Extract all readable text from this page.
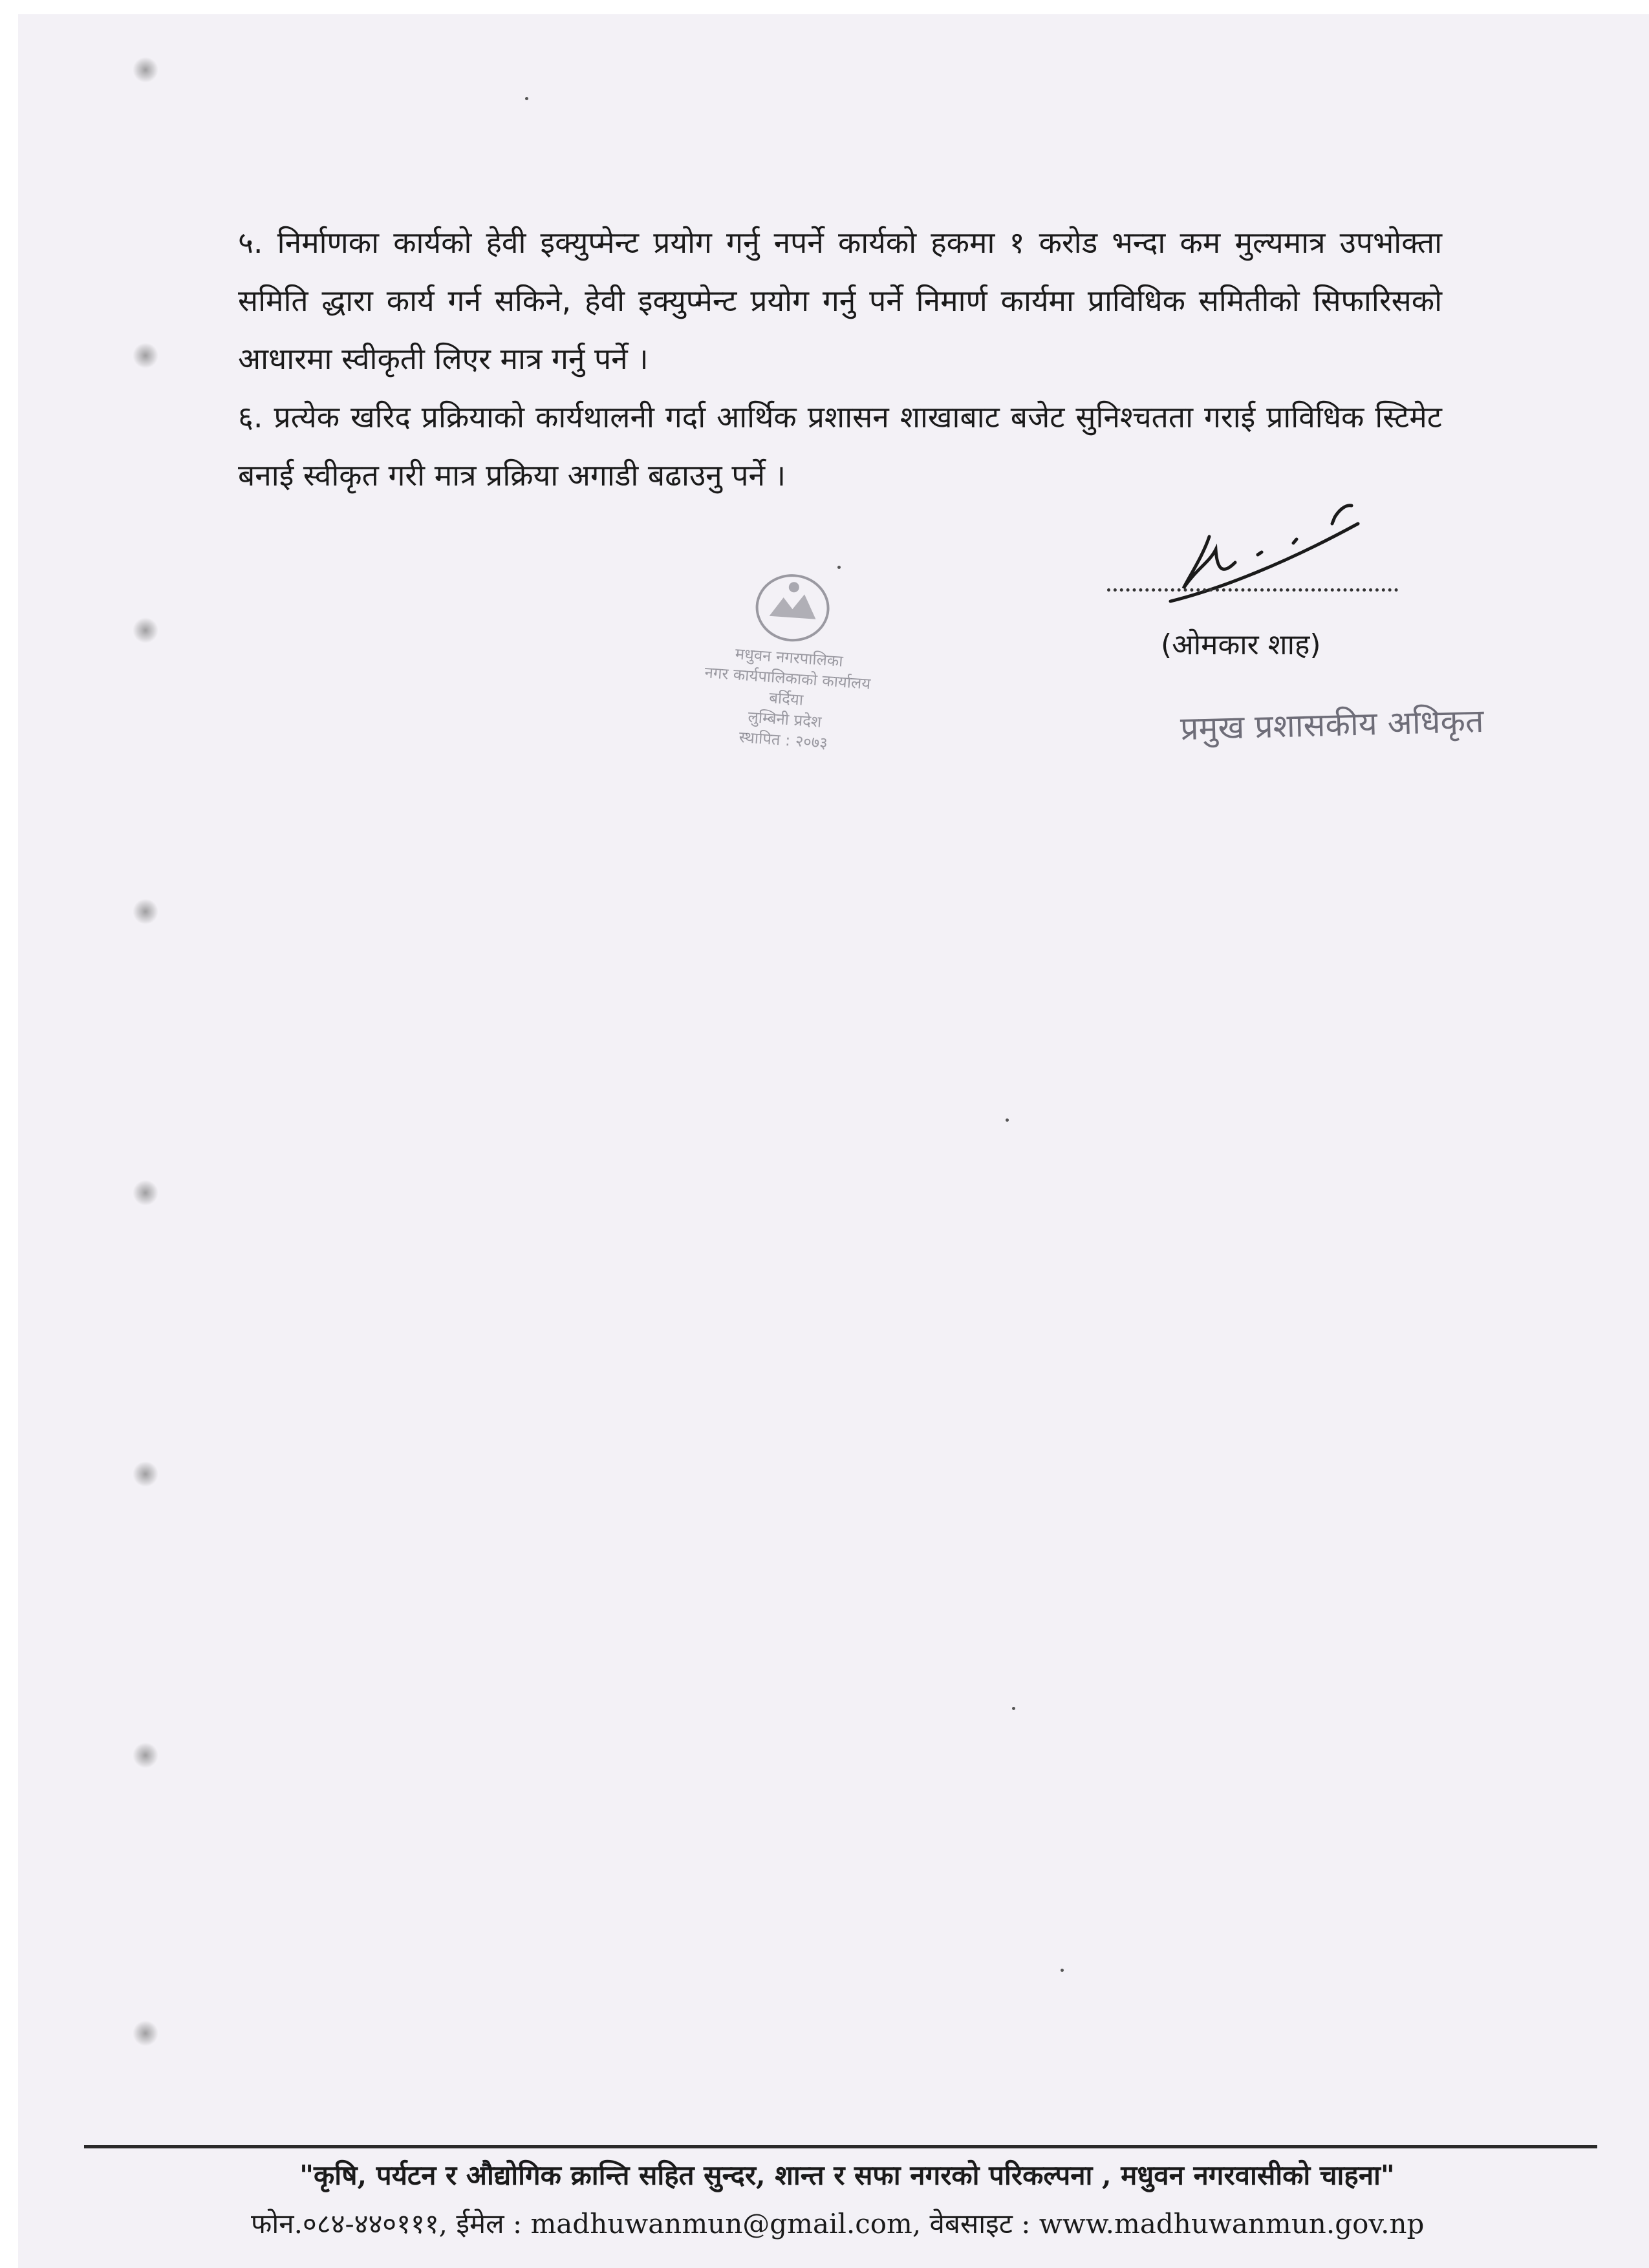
५. निर्माणका कार्यको हेवी इक्युप्मेन्ट प्रयोग गर्नु नपर्ने कार्यको हकमा १ करोड भन्दा कम मुल्यमात्र उपभोक्ता समिति द्धारा कार्य गर्न सकिने, हेवी इक्युप्मेन्ट प्रयोग गर्नु पर्ने निमार्ण कार्यमा प्राविधिक समितीको सिफारिसको आधारमा स्वीकृती लिएर मात्र गर्नु पर्ने ।

६. प्रत्येक खरिद प्रक्रियाको कार्यथालनी गर्दा आर्थिक प्रशासन शाखाबाट बजेट सुनिश्चतता गराई प्राविधिक स्टिमेट बनाई स्वीकृत गरी मात्र प्रक्रिया अगाडी बढाउनु पर्ने ।

मधुवन नगरपालिका
नगर कार्यपालिकाको कार्यालय
बर्दिया
लुम्बिनी प्रदेश
स्थापित : २०७३
(ओमकार शाह)
प्रमुख प्रशासकीय अधिकृत
"कृषि, पर्यटन र औद्योगिक क्रान्ति सहित सुन्दर, शान्त र सफा नगरको परिकल्पना , मधुवन नगरवासीको चाहना"
फोन.०८४-४४०१११, ईमेल : madhuwanmun@gmail.com, वेबसाइट : www.madhuwanmun.gov.np
